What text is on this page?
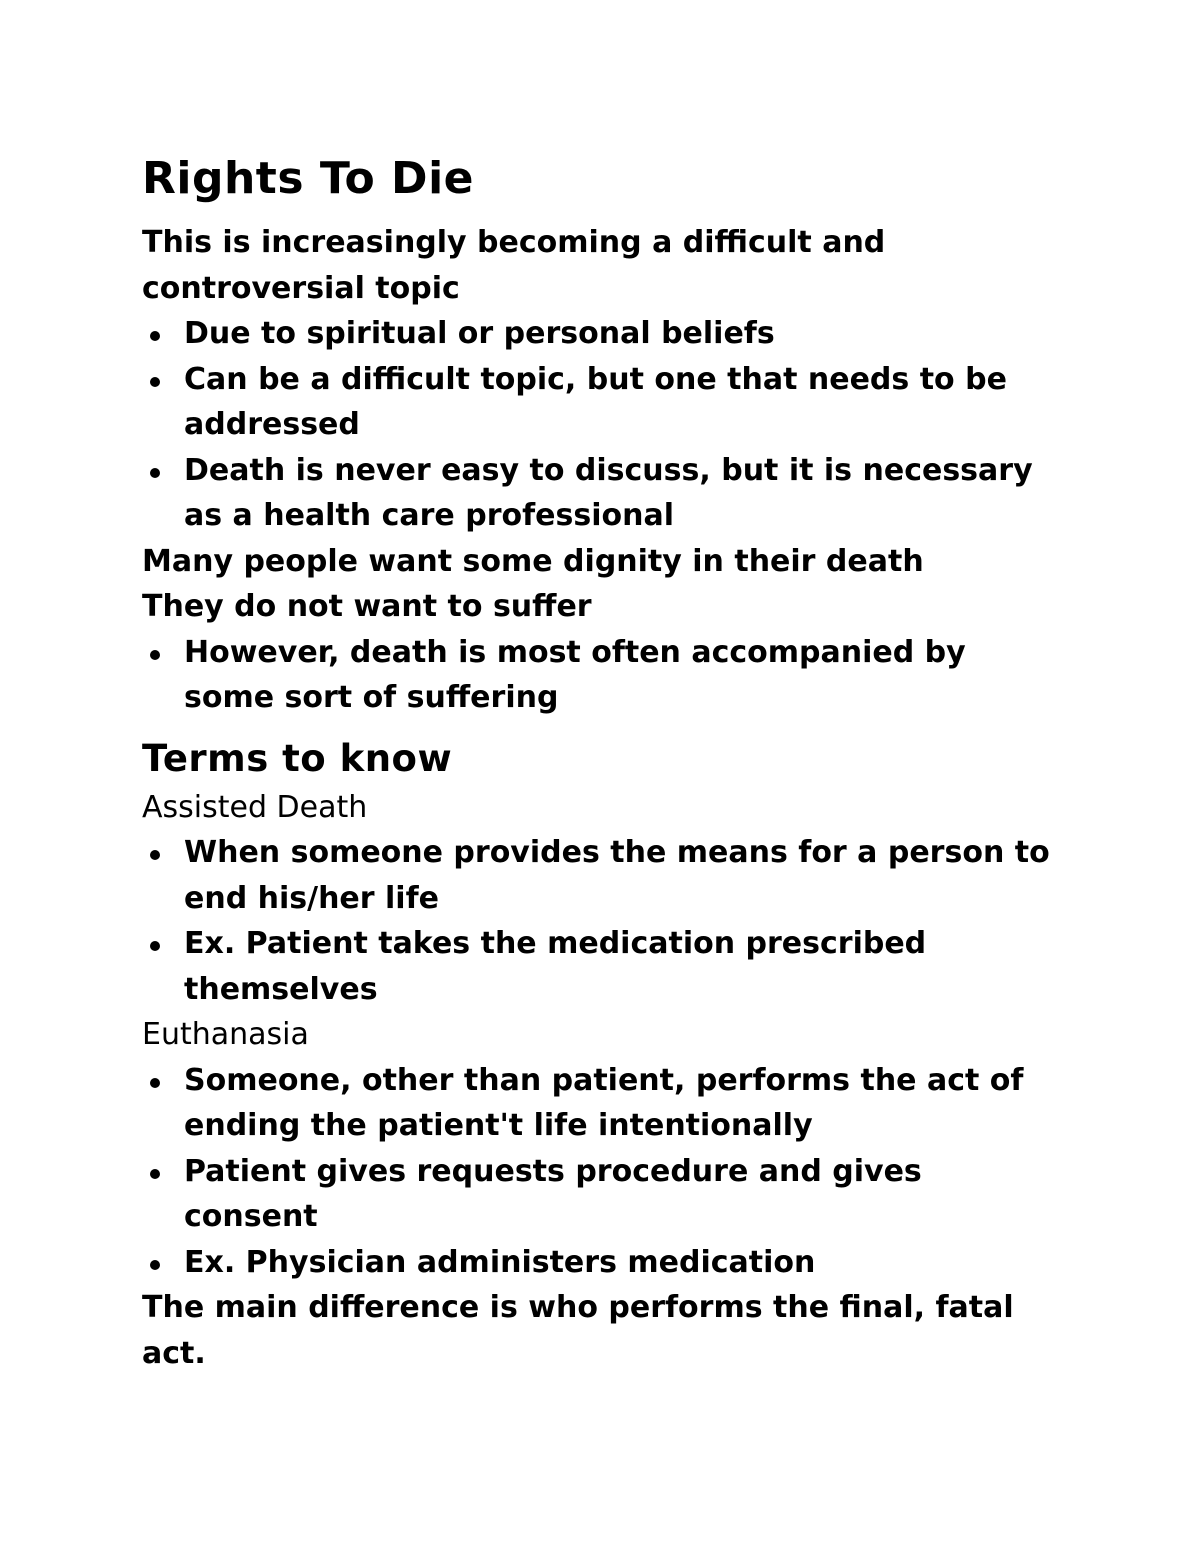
Rights To Die

This is increasingly becoming a difficult and controversial topic

Due to spiritual or personal beliefs
Can be a difficult topic, but one that needs to be addressed
Death is never easy to discuss, but it is necessary as a health care professional

Many people want some dignity in their death

They do not want to suffer

However, death is most often accompanied by some sort of suffering
Terms to know

Assisted Death

When someone provides the means for a person to end his/her life
Ex. Patient takes the medication prescribed themselves

Euthanasia

Someone, other than patient, performs the act of ending the patient't life intentionally
Patient gives requests procedure and gives consent
Ex. Physician administers medication

The main difference is who performs the final, fatal act.
